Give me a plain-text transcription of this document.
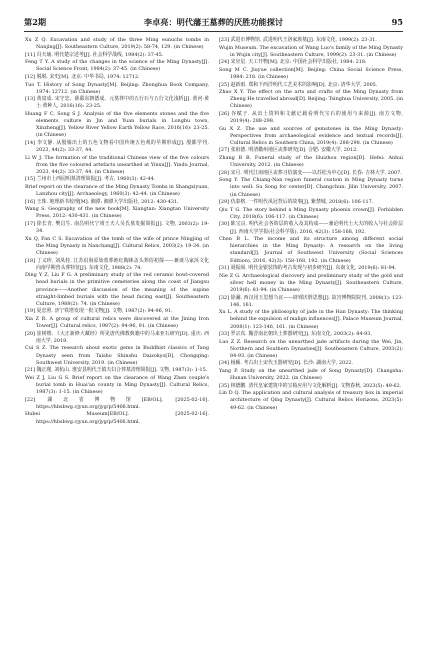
第2期	李卓亮：明代藩王墓葬的厌胜功能探讨	95

Xu Z Q. Excavation and study of the three Ming eunuchs tombs in Nanjing[J]. Southeastern Culture, 2019(2): 58-74, 129. (in Chinese)

[11] 冯天瑜. 明代楚宗述考[J]. 社会科学战线, 1984(2): 37-45.

Feng T Y. A study of the changes in the science of the Ming Dynasty[J]. Social Science Front, 1984(2): 37-45. (in Chinese)

[12] 脱脱. 宋史[M]. 北京: 中华书局, 1974: 12712.

Tuo T. History of Song Dynasty[M]. Beijing: Zhonghua Book Company, 1974: 12712. (in Chinese)

[13] 黄富成. 宋守忠、薛耶东朝德成、元墓葬中的五行石与五行文化浅析[J]. 黄河·黄土·黄种人, 2016(16): 23-25.

Huang F C, Song S J. Analysis of the five elements stones and the five elements culture in Jin and Yuan burials in Longhu town, Xinzheng[J]. Yellow River Yellow Earth Yellow Race, 2016(16): 23-25. (in Chinese)

[14] 李文静. 从殷墟出土的五色文物看中国传统五色观的早期形成[J]. 殷都学刊, 2023, 44(2): 33-37, 44.

Li W J. The formation of the traditional Chinese view of the five colours from the five coloured artefacts unearthed at Yinxu[J]. Yindu Journal, 2023, 44(2): 33-37, 44. (in Chinese)

[15] 兰州市上西园明墓清理简报[J]. 考古, 1960(3): 42-44.

Brief report on the clearance of the Ming Dynasty Tombs in Shangxiyuan, Lanzhou city[J]. Archaeology, 1960(3): 42-44. (in Chinese)

[16] 王珠. 地理新书校理[M]. 湘潭: 湘潭大学出版社, 2012: 430-431.

Wang S. Geography of the new book[M]. Xiangtan: Xiangtan University Press, 2012: 430-431. (in Chinese)

[17] 徐长青, 樊昌生. 南昌明代宁靖王夫人吴氏墓发掘简报[J]. 文物, 2003(2): 19-34.

Xu Q, Fan C S. Excavation of the tomb of the wife of prince Ningjing of the Ming Dynasty in Nanchang[J]. Cultural Relics, 2003(2): 19-34. (in Chinese)

[18] 丁义珍, 刘凤桂. 江苏沿海原始墓葬地红陶钵盖头葬俗初探——兼谈马家浜文化向南早期兽头葬特征[J]. 东南文化, 1988(2): 74.

Ding Y Z, Liu F G. A preliminary study of the red ceramic bowl-covered head burials in the primitive cemeteries along the coast of Jiangsu province——Another discussion of the meaning of the supine straight-limbed burials with the head facing east[J]. Southeastern Culture, 1988(2): 74. (in Chinese)

[19] 夏忠照. 济宁铁塔发现一批文物[J]. 文物, 1987(2): 94-96, 91.

Xia Z R. A group of cultural relics were discovered at the Jining Iron Tower[J]. Cultural relics, 1987(2): 94-96, 91. (in Chinese)

[20] 崔树维. 《大正新修大藏经》所见唐代佛教典籍中的马来亚石研究[D]. 重庆: 西南大学, 2019.

Cui S Z. The research about exotic gems in Buddhist classics of Tang Dynasty seen from Taisho Shinshu Daizokyo[D]. Chongqing: Southwest University, 2019. (in Chinese)

[21] 魏正瑾, 刘杭山. 淮安县明代王镇夫妇合葬墓清理简报[J]. 文物, 1987(3): 1-15.

Wei Z J, Liu G S. Brief report on the clearance of Wang Zhen couple's burial tomb in Huai'an county in Ming Dynasty[J]. Cultural Relics, 1987(3): 1-15. (in Chinese)

[22] 湖北省博物馆[EB/OL]. [2025-02-16]. https://hbsbwg.cjyun.org/jyg/p/5406.html.

Hubei Museum[EB/OL]. [2025-02-16]. https://hbsbwg.cjyun.org/jyg/p/5406.html.

[23] 武进市博物馆. 武进明代王洛家族墓[J]. 东南文化, 1999(2): 23-31.

Wujin Museum. The excavation of Wang Luo's family of the Ming Dynasty in Wujin city[J]. Southeastern Culture, 1999(2): 23-31. (in Chinese)

[24] 宋应星. 天工开物[M]. 北京: 中国社会科学出版社, 1984: 218.

Song M C. Jiuyue collection[M]. Beijing: China Social Science Press, 1984: 218. (in Chinese)

[25] 赵新雨. 郑和下西洋明代工艺美术的影响[D]. 北京: 清华大学, 2005.

Zhao X Y. The effect on the arts and crafts of the Ming Dynasty from Zheng He travelled abroad[D]. Beijing: Tsinghua University, 2005. (in Chinese)

[26] 谷赋子. 从出土资料和文献记载看明代宝石的使用与来源[J]. 南方文物, 2019(4): 288-298.

Gu X Z. The use and sources of gemstones in the Ming Dynasty: Perspectives from archaeological evidence and textual records[J]. Cultural Relics in Southern China, 2019(4): 288-298. (in Chinese)

[27] 张祖德. 明清徽州地区丧葬研究[D]. 合肥: 安徽大学, 2012.

Zhang B B. Funeral study of the Huizhou region[D]. Hefei: Anhui University, 2012. (in Chinese)

[28] 宋月. 明代江南地区丧葬习俗演变——以苏松为中心[D]. 长春: 吉林大学, 2007.

Song Y. The Chiang-Nan region funeral custom in Ming Dynasty turns into well: Su Song for center[D]. Changchun: Jilin University, 2007. (in Chinese)

[29] 仇泰格. 一件明代凤冠背后的故事[J]. 紫禁城, 2018(6): 106-117.

Qiu T G. The story behind a Ming Dynasty phoenix crown[J]. Forbidden City, 2018(6): 106-117. (in Chinese)

[30] 陈宝良. 明代社会各阶层的收入及其构成——兼论明代士大夫的收入与社会阶层[J]. 西南大学学报(社会科学版), 2016, 42(3): 158-168, 192.

Chen B L. The income and its structure among different social hierarchies in the Ming Dynasty: A research on the living standard[J]. Journal of Southwest University (Social Sciences Edition), 2016, 42(3): 158-168, 192. (in Chinese)

[31] 聂振阁. 明代金银装饰的考古发现与初步研究[J]. 东南文化, 2019(6): 81-94.

Nie Z G. Archaeological discovery and preliminary study of the gold and silver hell money in the Ming Dynasty[J]. Southeastern Culture, 2019(6): 81-94. (in Chinese)

[32] 徐澜. 西汉用玉思想刍议——辟邪厌胜思想[J]. 故宫博物院院刊, 2008(1): 123-146, 161.

Xu L. A study of the philosophy of jade in the Han Dynasty: The thinking behind the expulsion of malign influences[J]. Palace Museum Journal, 2008(1): 123-146, 161. (in Chinese)

[33] 罗宗真. 魏晋南北朝出土葬器研究[J]. 东南文化, 2003(2): 84-93.

Luo Z Z. Research on the unearthed jade artifacts during the Wei, Jin, Northern and Southern Dynasties[J]. Southeastern Culture, 2003(2): 84-93. (in Chinese)

[34] 杨颖. 考古出土宋代玉器研究[D]. 长沙: 湖南大学, 2022.

Yang P. Study on the unearthed jade of Song Dynasty[D]. Changsha: Hunan University, 2022. (in Chinese)

[35] 林德鹏. 清代皇家建筑中的宝箱应用与文化解析[J]. 文物春秋, 2023(5): 49-62.

Lin D Q. The application and cultural analysis of treasury box in imperial architecture of Qing Dynasty[J]. Cultural Relics Horizons, 2023(5): 49-62. (in Chinese)
